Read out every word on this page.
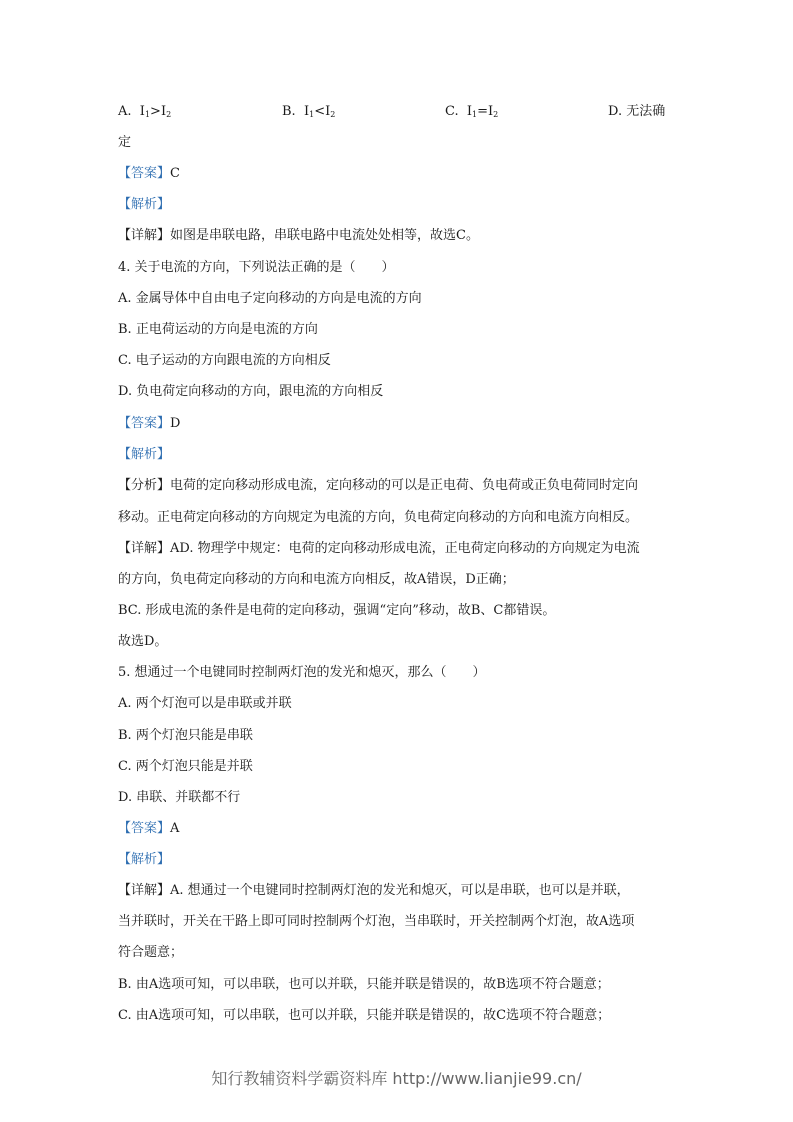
A. $I_1>I_2$	B. $I_1<I_2$	C. $I_1=I_2$	D. 无法确
定
【答案】C
【解析】
【详解】如图是串联电路，串联电路中电流处处相等，故选C。
4. 关于电流的方向，下列说法正确的是（　　）
A. 金属导体中自由电子定向移动的方向是电流的方向
B. 正电荷运动的方向是电流的方向
C. 电子运动的方向跟电流的方向相反
D. 负电荷定向移动的方向，跟电流的方向相反
【答案】D
【解析】
【分析】电荷的定向移动形成电流，定向移动的可以是正电荷、负电荷或正负电荷同时定向
移动。正电荷定向移动的方向规定为电流的方向，负电荷定向移动的方向和电流方向相反。
【详解】AD. 物理学中规定：电荷的定向移动形成电流，正电荷定向移动的方向规定为电流
的方向，负电荷定向移动的方向和电流方向相反，故A错误，D正确；
BC. 形成电流的条件是电荷的定向移动，强调“定向”移动，故B、C都错误。
故选D。
5. 想通过一个电键同时控制两灯泡的发光和熄灭，那么（　　）
A. 两个灯泡可以是串联或并联
B. 两个灯泡只能是串联
C. 两个灯泡只能是并联
D. 串联、并联都不行
【答案】A
【解析】
【详解】A. 想通过一个电键同时控制两灯泡的发光和熄灭，可以是串联，也可以是并联，
当并联时，开关在干路上即可同时控制两个灯泡，当串联时，开关控制两个灯泡，故A选项
符合题意；
B. 由A选项可知，可以串联，也可以并联，只能并联是错误的，故B选项不符合题意；
C. 由A选项可知，可以串联，也可以并联，只能并联是错误的，故C选项不符合题意；
知行教辅资料学霸资料库 http://www.lianjie99.cn/
